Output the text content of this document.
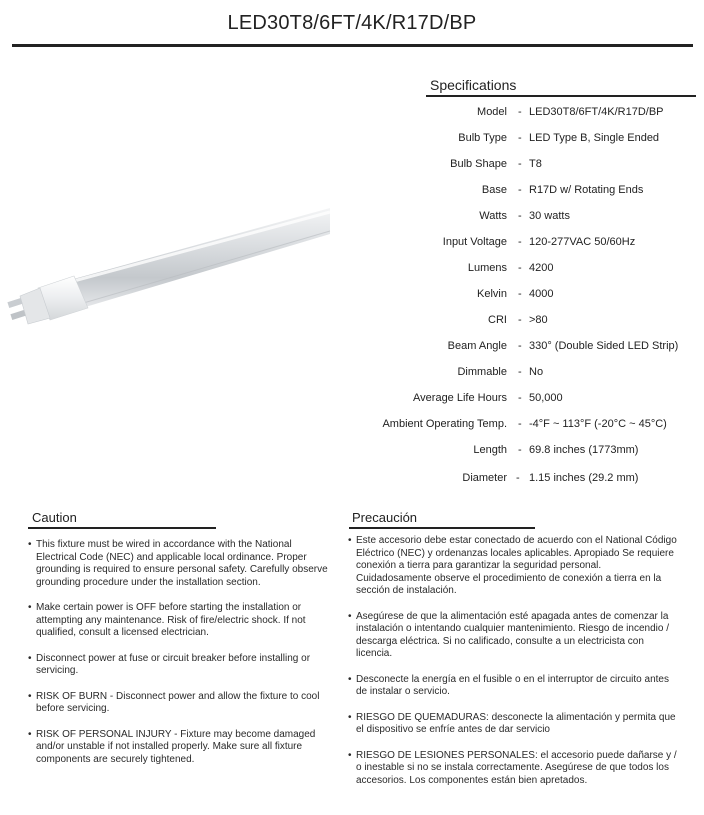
LED30T8/6FT/4K/R17D/BP
Specifications
Model - LED30T8/6FT/4K/R17D/BP
Bulb Type - LED Type B, Single Ended
Bulb Shape - T8
Base - R17D w/ Rotating Ends
Watts - 30 watts
Input Voltage - 120-277VAC 50/60Hz
Lumens - 4200
Kelvin - 4000
CRI - >80
Beam Angle - 330° (Double Sided LED Strip)
Dimmable - No
Average Life Hours - 50,000
Ambient Operating Temp. - -4°F ~ 113°F (-20°C ~ 45°C)
Length - 69.8 inches (1773mm)
Diameter - 1.15 inches (29.2 mm)
Caution
• This fixture must be wired in accordance with the National Electrical Code (NEC) and applicable local ordinance. Proper grounding is required to ensure personal safety. Carefully observe grounding procedure under the installation section.
• Make certain power is OFF before starting the installation or attempting any maintenance. Risk of fire/electric shock. If not qualified, consult a licensed electrician.
• Disconnect power at fuse or circuit breaker before installing or servicing.
• RISK OF BURN - Disconnect power and allow the fixture to cool before servicing.
• RISK OF PERSONAL INJURY - Fixture may become damaged and/or unstable if not installed properly. Make sure all fixture components are securely tightened.
Precaución
• Este accesorio debe estar conectado de acuerdo con el National Código Eléctrico (NEC) y ordenanzas locales aplicables. Apropiado Se requiere conexión a tierra para garantizar la seguridad personal. Cuidadosamente observe el procedimiento de conexión a tierra en la sección de instalación.
• Asegúrese de que la alimentación esté apagada antes de comenzar la instalación o intentando cualquier mantenimiento. Riesgo de incendio / descarga eléctrica. Si no calificado, consulte a un electricista con licencia.
• Desconecte la energía en el fusible o en el interruptor de circuito antes de instalar o servicio.
• RIESGO DE QUEMADURAS: desconecte la alimentación y permita que el dispositivo se enfríe antes de dar servicio
• RIESGO DE LESIONES PERSONALES: el accesorio puede dañarse y / o inestable si no se instala correctamente. Asegúrese de que todos los accesorios. Los componentes están bien apretados.
